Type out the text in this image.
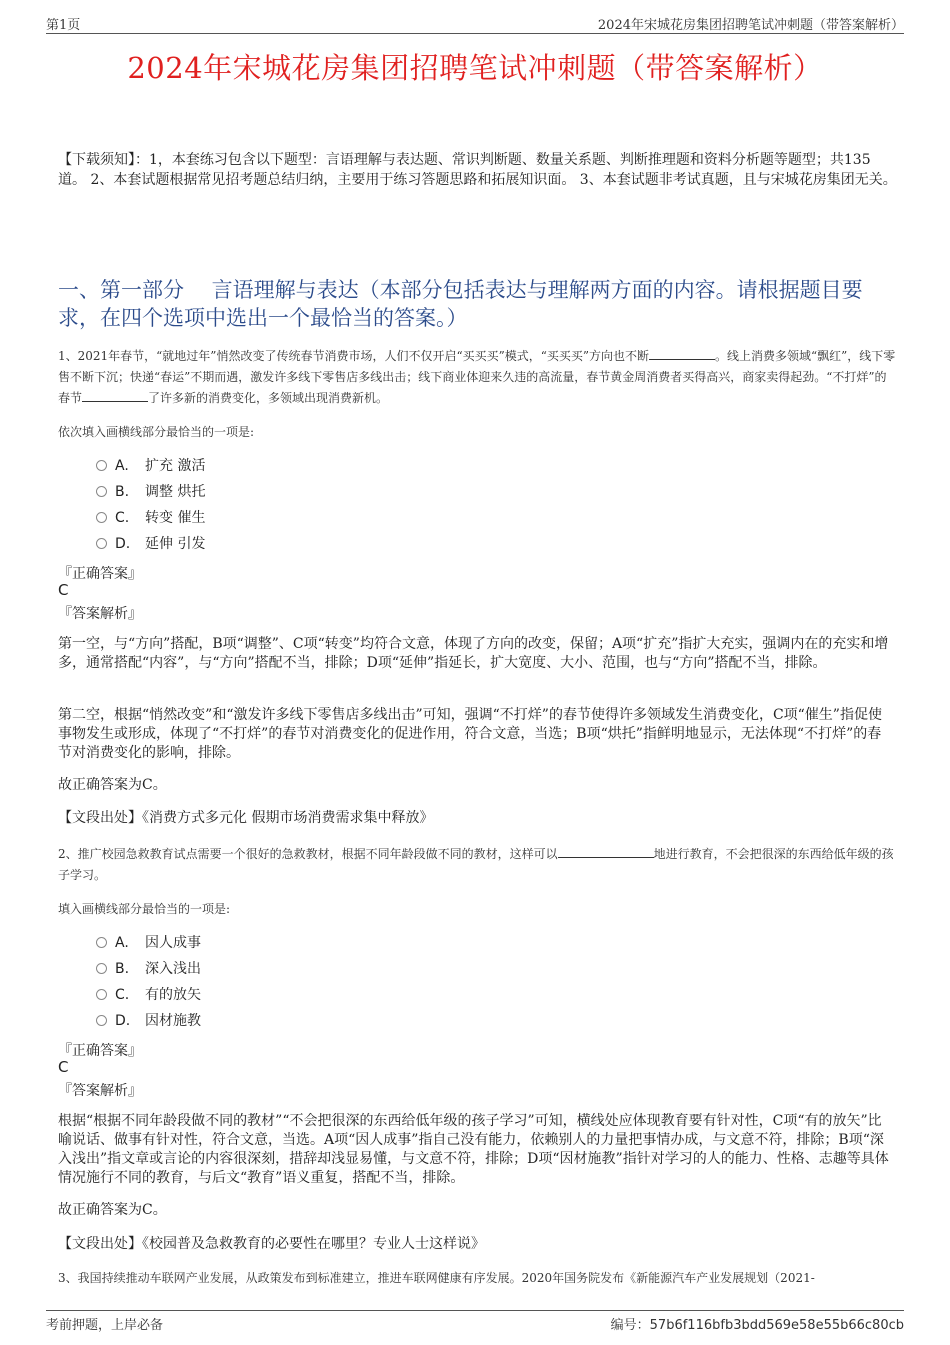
第1页	2024年宋城花房集团招聘笔试冲刺题（带答案解析）
2024年宋城花房集团招聘笔试冲刺题（带答案解析）
【下载须知】：1，本套练习包含以下题型：言语理解与表达题、常识判断题、数量关系题、判断推理题和资料分析题等题型；共135道。 2、本套试题根据常见招考题总结归纳，主要用于练习答题思路和拓展知识面。 3、本套试题非考试真题，且与宋城花房集团无关。
一、第一部分　 言语理解与表达（本部分包括表达与理解两方面的内容。请根据题目要求，在四个选项中选出一个最恰当的答案。）
1、2021年春节，“就地过年”悄然改变了传统春节消费市场，人们不仅开启“买买买”模式，“买买买”方向也不断	。线上消费多领域“飘红”，线下零售不断下沉；快递“春运”不期而遇，激发许多线下零售店多线出击；线下商业体迎来久违的高流量，春节黄金周消费者买得高兴，商家卖得起劲。“不打烊”的春节	了许多新的消费变化，多领域出现消费新机。
依次填入画横线部分最恰当的一项是:
A. 扩充 激活
B. 调整 烘托
C. 转变 催生
D. 延伸 引发
『正确答案』
C
『答案解析』
第一空，与“方向”搭配，B项“调整”、C项“转变”均符合文意，体现了方向的改变，保留；A项“扩充”指扩大充实，强调内在的充实和增多，通常搭配“内容”，与“方向”搭配不当，排除；D项“延伸”指延长，扩大宽度、大小、范围，也与“方向”搭配不当，排除。
第二空，根据“悄然改变”和“激发许多线下零售店多线出击”可知，强调“不打烊”的春节使得许多领域发生消费变化，C项“催生”指促使事物发生或形成，体现了“不打烊”的春节对消费变化的促进作用，符合文意，当选；B项“烘托”指鲜明地显示，无法体现“不打烊”的春节对消费变化的影响，排除。
故正确答案为C。
【文段出处】《消费方式多元化 假期市场消费需求集中释放》
2、推广校园急救教育试点需要一个很好的急救教材，根据不同年龄段做不同的教材，这样可以	地进行教育，不会把很深的东西给低年级的孩子学习。
填入画横线部分最恰当的一项是:
A. 因人成事
B. 深入浅出
C. 有的放矢
D. 因材施教
『正确答案』
C
『答案解析』
根据“根据不同年龄段做不同的教材”“不会把很深的东西给低年级的孩子学习”可知，横线处应体现教育要有针对性，C项“有的放矢”比喻说话、做事有针对性，符合文意，当选。A项“因人成事”指自己没有能力，依赖别人的力量把事情办成，与文意不符，排除；B项“深入浅出”指文章或言论的内容很深刻，措辞却浅显易懂，与文意不符，排除；D项“因材施教”指针对学习的人的能力、性格、志趣等具体情况施行不同的教育，与后文“教育”语义重复，搭配不当，排除。
故正确答案为C。
【文段出处】《校园普及急救教育的必要性在哪里？专业人士这样说》
3、我国持续推动车联网产业发展，从政策发布到标准建立，推进车联网健康有序发展。2020年国务院发布《新能源汽车产业发展规划（2021-
考前押题，上岸必备	编号：57b6f116bfb3bdd569e58e55b66c80cb
